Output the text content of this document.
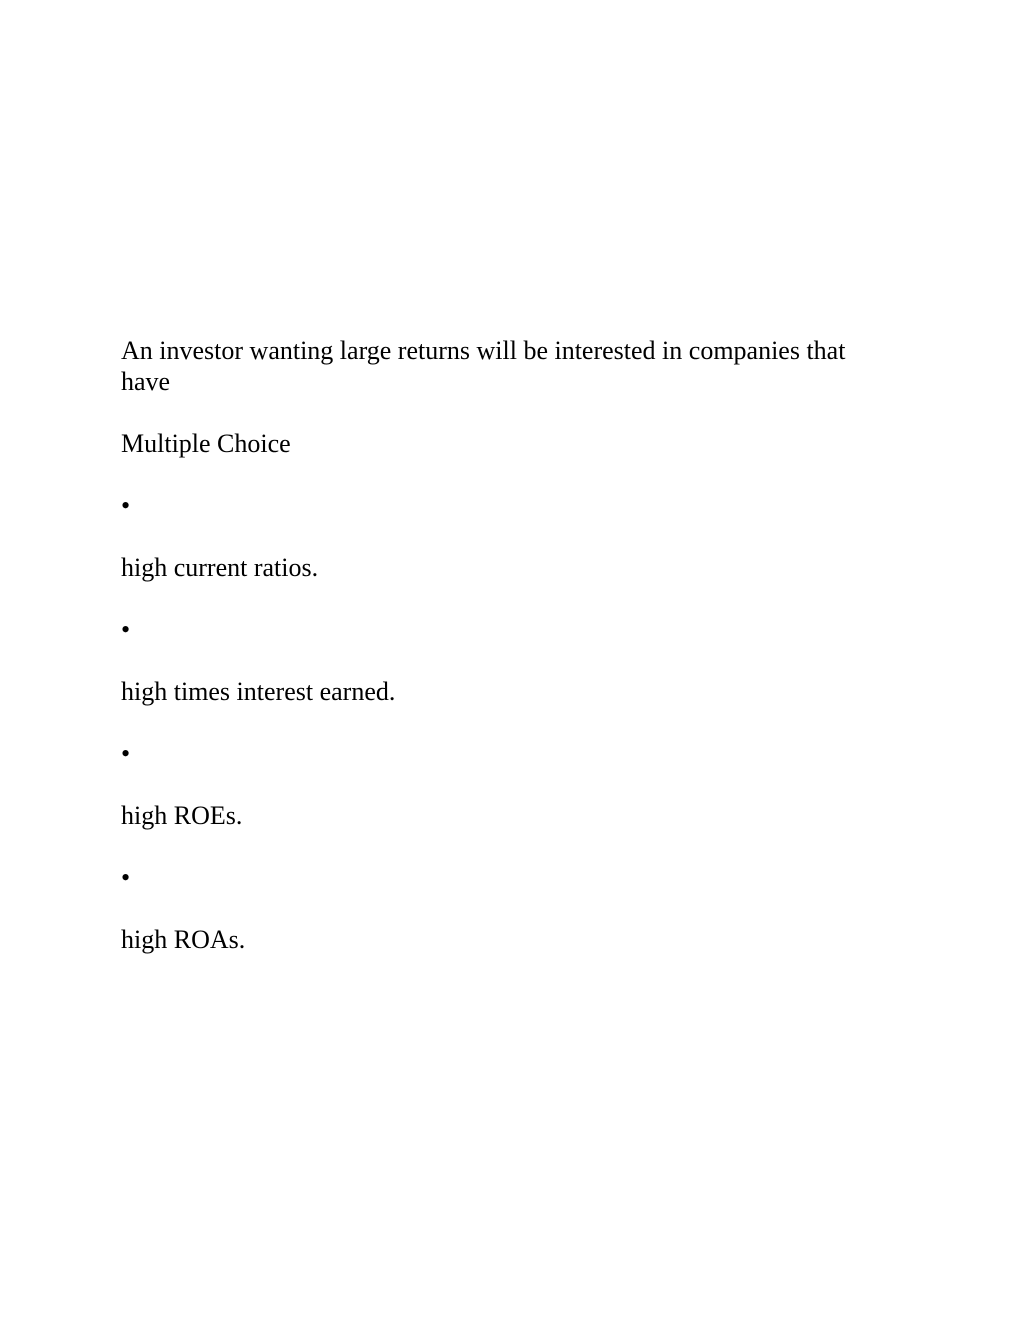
An investor wanting large returns will be interested in companies that have

Multiple Choice

•
high current ratios.
•
high times interest earned.
•
high ROEs.
•
high ROAs.
